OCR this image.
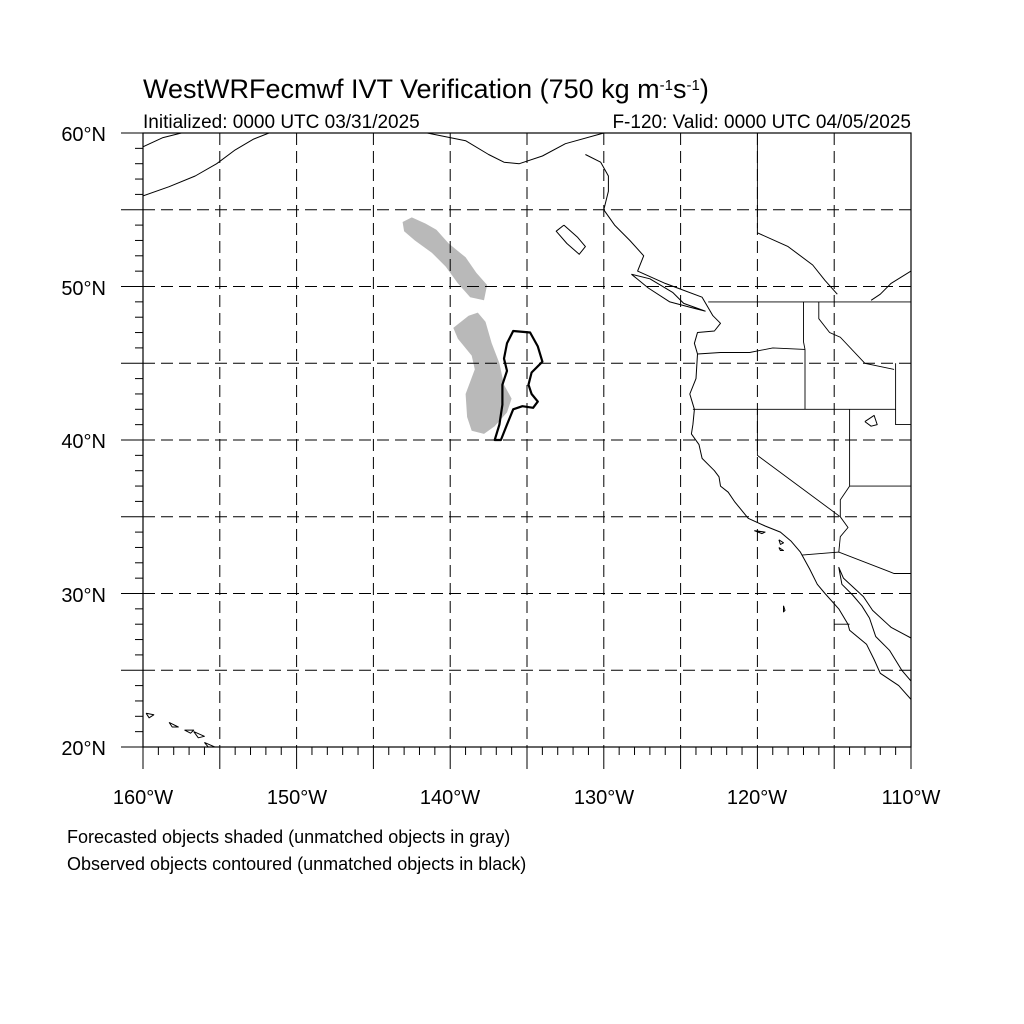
WestWRFecmwf IVT Verification (750 kg $m^{-1}s^{-1}$)
Initialized: 0000 UTC 03/31/2025	F-120: Valid: 0000 UTC 04/05/2025
60°N
50°N
40°N
30°N
20°N
160°W	150°W	140°W	130°W	120°W	110°W
Forecasted objects shaded (unmatched objects in gray)
Observed objects contoured (unmatched objects in black)
